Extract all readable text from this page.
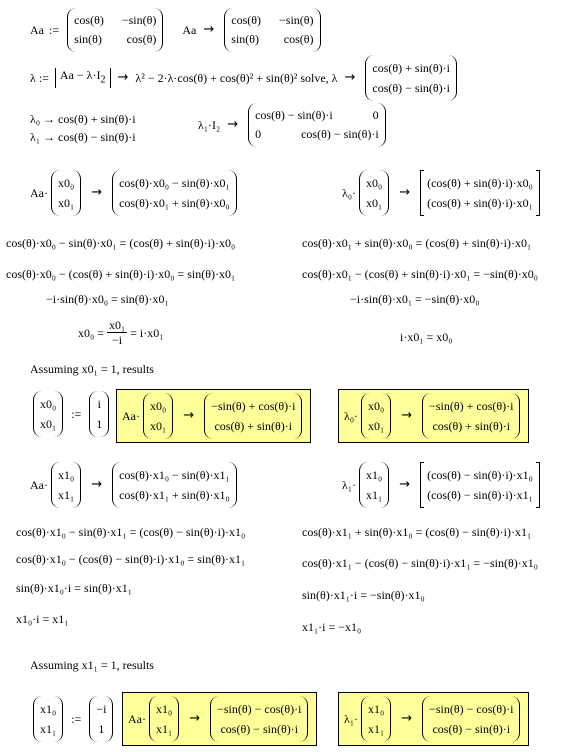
Aa :=
cos(θ) −sin(θ)
sin(θ) cos(θ)
Aa →
cos(θ) −sin(θ)
sin(θ) cos(θ)
λ := $Aa - \lambda\cdot I_2 \to \lambda^2 - 2\cdot\lambda\cdot\cos(\theta) + \cos(\theta)^2 + \sin(\theta)^2$ solve, λ →
cos(θ) + sin(θ)·i
cos(θ) − sin(θ)·i
λ₀ → cos(θ) + sin(θ)·i
λ₁ → cos(θ) − sin(θ)·i
λ₁·I₂ →
cos(θ) − sin(θ)·i	0
0	cos(θ) − sin(θ)·i
Aa·
x0₀
x0₁
→
cos(θ)·x0₀ − sin(θ)·x0₁
cos(θ)·x0₁ + sin(θ)·x0₀
λ₀·
x0₀
x0₁
→
(cos(θ) + sin(θ)·i)·x0₀
(cos(θ) + sin(θ)·i)·x0₁
cos(θ)·x0₀ − sin(θ)·x0₁ = (cos(θ) + sin(θ)·i)·x0₀	cos(θ)·x0₁ + sin(θ)·x0₀ = (cos(θ) + sin(θ)·i)·x0₁
cos(θ)·x0₀ − (cos(θ) + sin(θ)·i)·x0₀ = sin(θ)·x0₁	cos(θ)·x0₁ − (cos(θ) + sin(θ)·i)·x0₁ = −sin(θ)·x0₀
−i·sin(θ)·x0₀ = sin(θ)·x0₁	−i·sin(θ)·x0₁ = −sin(θ)·x0₀
$x0_0 = \frac{\text{x0₁}}{-i} = i\cdot x0_1$	i·x0₁ = x0₀
Assuming x0₁ = 1, results
x0₀
x0₁
:=
i
1
Aa·
x0₀
x0₁
→
−sin(θ) + cos(θ)·i
cos(θ) + sin(θ)·i
λ₀·
x0₀
x0₁
→
−sin(θ) + cos(θ)·i
cos(θ) + sin(θ)·i
Aa·
x1₀
x1₁
→
cos(θ)·x1₀ − sin(θ)·x1₁
cos(θ)·x1₁ + sin(θ)·x1₀
λ₁·
x1₀
x1₁
→
(cos(θ) − sin(θ)·i)·x1₀
(cos(θ) − sin(θ)·i)·x1₁
cos(θ)·x1₀ − sin(θ)·x1₁ = (cos(θ) − sin(θ)·i)·x1₀	cos(θ)·x1₁ + sin(θ)·x1₀ = (cos(θ) − sin(θ)·i)·x1₁
cos(θ)·x1₀ − (cos(θ) − sin(θ)·i)·x1₀ = sin(θ)·x1₁	cos(θ)·x1₁ − (cos(θ) − sin(θ)·i)·x1₁ = −sin(θ)·x1₀
sin(θ)·x1₀·i = sin(θ)·x1₁	sin(θ)·x1₁·i = −sin(θ)·x1₀
x1₀·i = x1₁
x1₁·i = −x1₀
Assuming x1₁ = 1, results
x1₀
x1₁
:=
−i
1
Aa·
x1₀
x1₁
→
−sin(θ) − cos(θ)·i
cos(θ) − sin(θ)·i
λ₁·
x1₀
x1₁
→
−sin(θ) − cos(θ)·i
cos(θ) − sin(θ)·i
